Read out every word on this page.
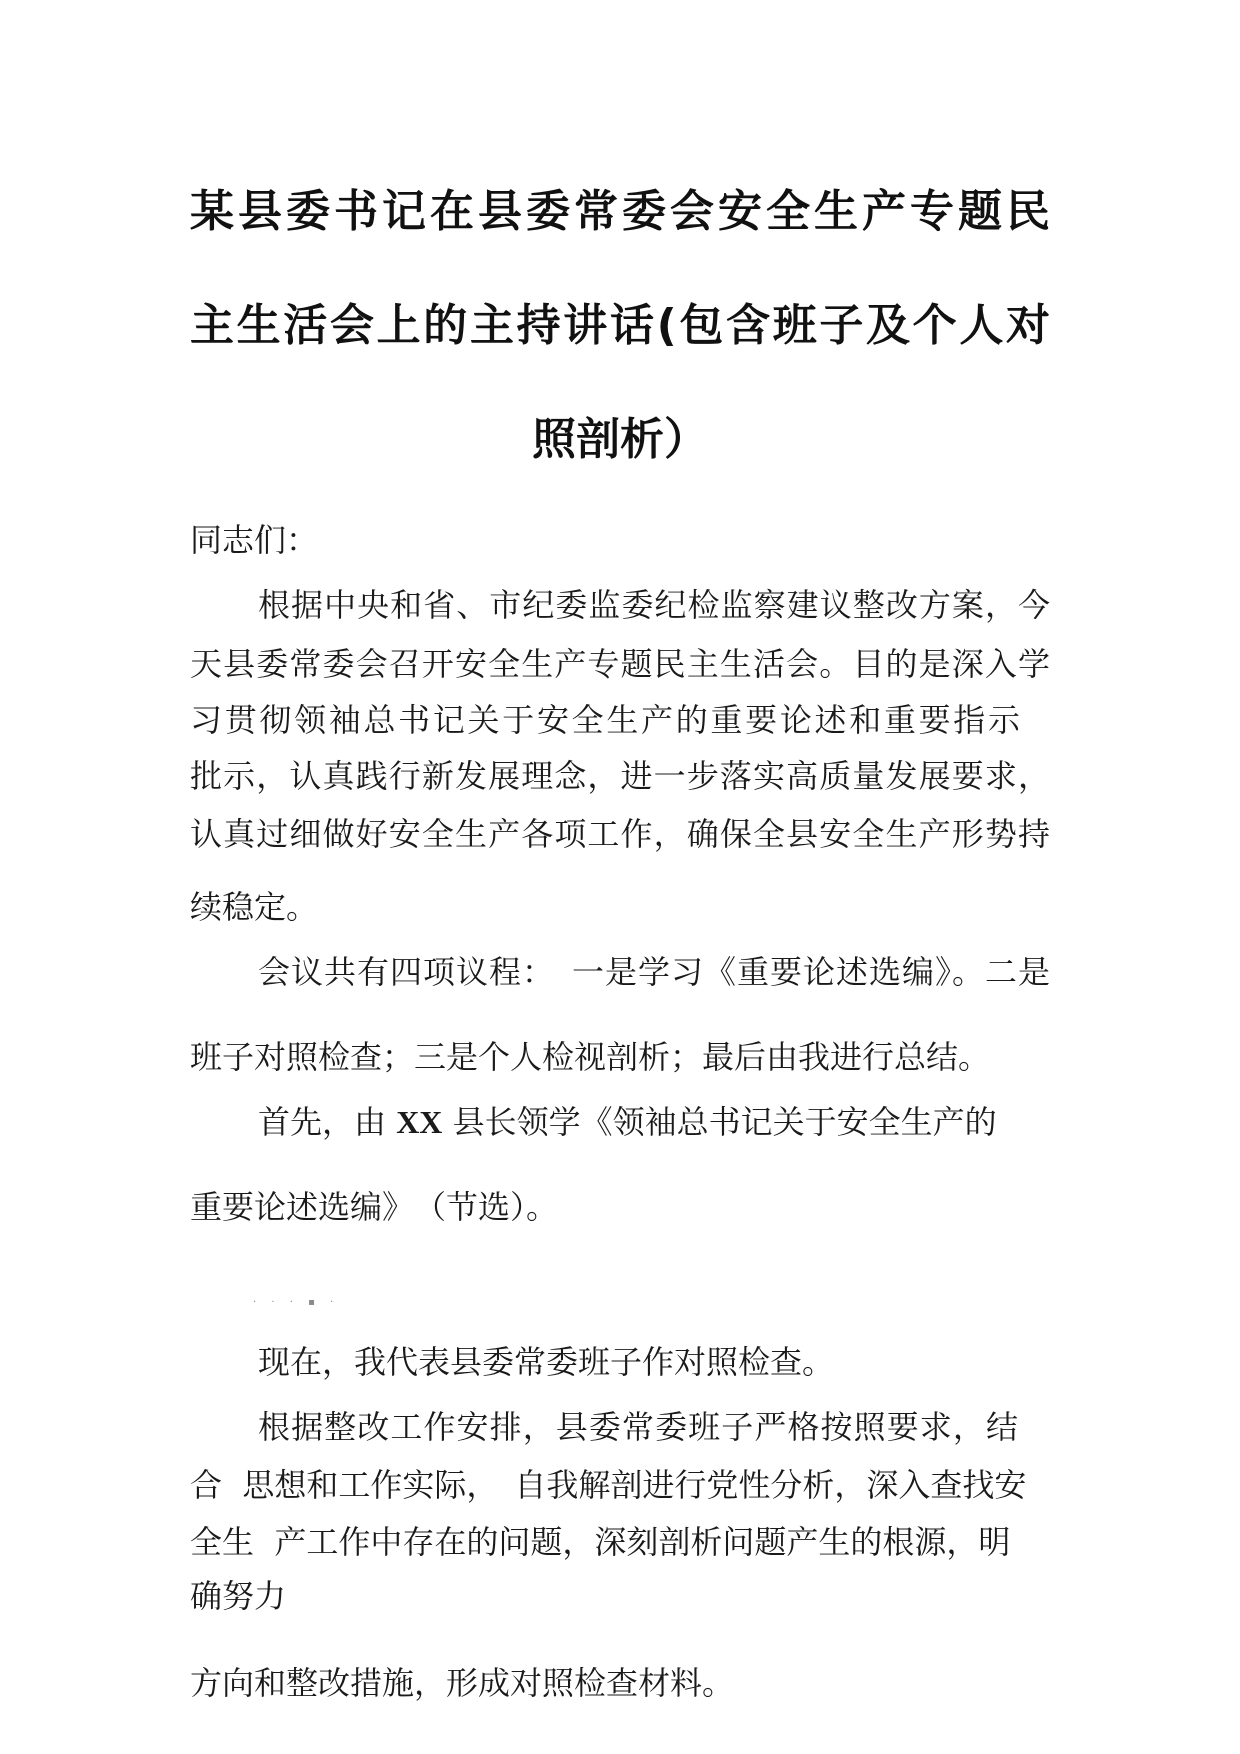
某县委书记在县委常委会安全生产专题民
主生活会上的主持讲话(包含班子及个人对
照剖析）

同志们：

根据中央和省、市纪委监委纪检监察建议整改方案，今

天县委常委会召开安全生产专题民主生活会。目的是深入学

习贯彻领袖总书记关于安全生产的重要论述和重要指示

批示，认真践行新发展理念，进一步落实高质量发展要求，

认真过细做好安全生产各项工作，确保全县安全生产形势持

续稳定。

会议共有四项议程：　一是学习《重要论述选编》。二是

班子对照检查；三是个人检视剖析；最后由我进行总结。

首先，由 XX 县长领学《领袖总书记关于安全生产的

重要论述选编》　（节选）。

· · · ▪ ·

现在，我代表县委常委班子作对照检查。

根据整改工作安排，县委常委班子严格按照要求，结

合  思想和工作实际，　自我解剖进行党性分析，深入查找安

全生  产工作中存在的问题，深刻剖析问题产生的根源，明

确努力

方向和整改措施，形成对照检查材料。
